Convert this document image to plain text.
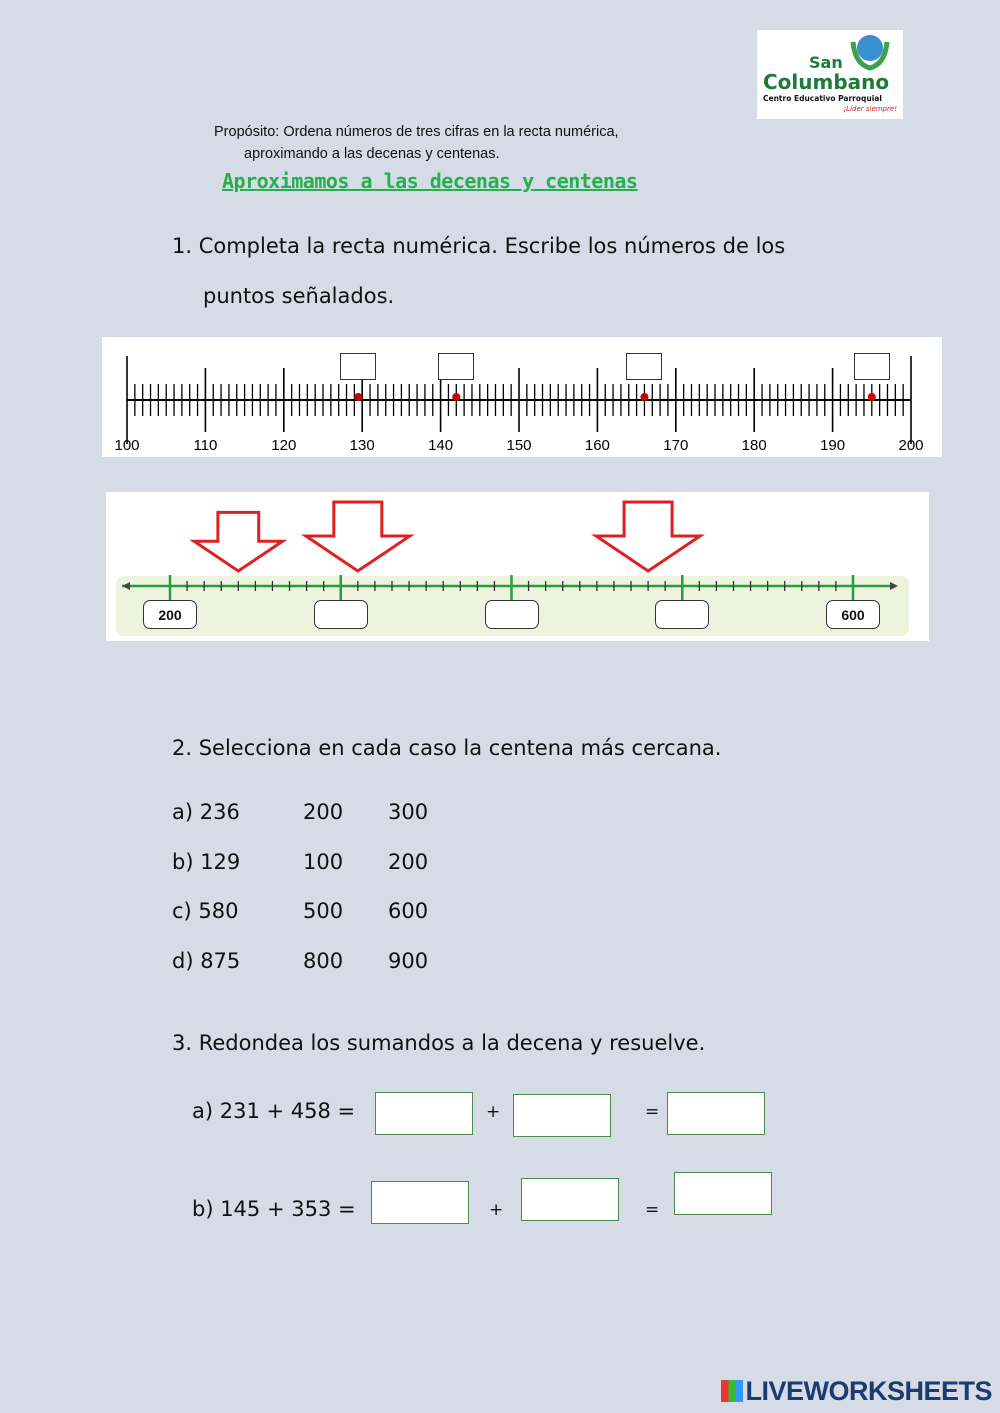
San
Columbano
Centro Educativo Parroquial
¡Líder siempre!
Propósito: Ordena números de tres cifras en la recta numérica,
aproximando a las decenas y centenas.
Aproximamos a las decenas y centenas
1. Completa la recta numérica. Escribe los números de los
puntos señalados.
100	110	120	130	140	150	160	170	180	190	200
2. Selecciona en cada caso la centena más cercana.
3. Redondea los sumandos a la decena y resuelve.
LIVEWORKSHEETS
200	600
a) 236	200 300
b) 129	100 200
c) 580	500 600
d) 875	800 900
a) 231 + 458 =	+	=
b) 145 + 353 =	+	=
